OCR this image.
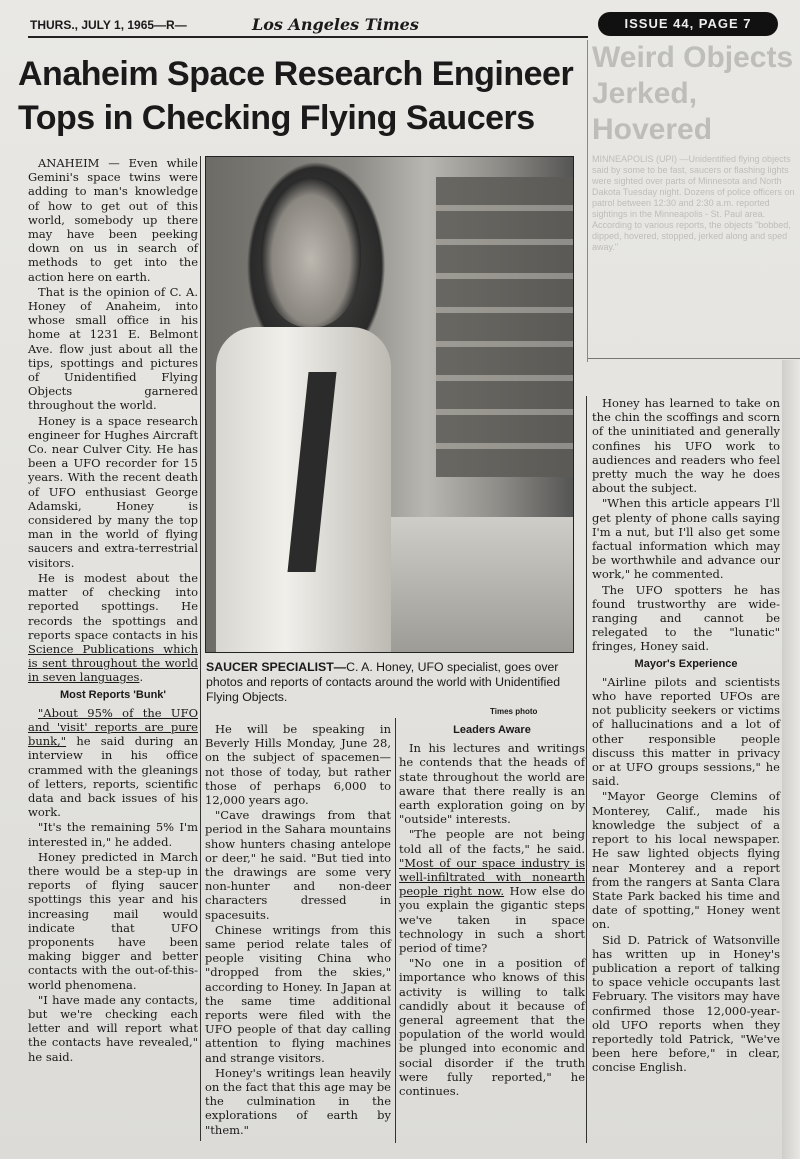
THURS., JULY 1, 1965—R—	Los Angeles Times	ISSUE 44, PAGE 7
Anaheim Space Research Engineer Tops in Checking Flying Saucers
Weird Objects Jerked, Hovered
MINNEAPOLIS (UPI) —Unidentified flying objects said by some to be fast, saucers or flashing lights were sighted over parts of Minnesota and North Dakota Tuesday night. Dozens of police officers on patrol between 12:30 and 2:30 a.m. reported sightings in the Minneapolis - St. Paul area. According to various reports, the objects "bobbed, dipped, hovered, stopped, jerked along and sped away."

ANAHEIM — Even while Gemini's space twins were adding to man's knowledge of how to get out of this world, somebody up there may have been peeking down on us in search of methods to get into the action here on earth.

That is the opinion of C. A. Honey of Anaheim, into whose small office in his home at 1231 E. Belmont Ave. flow just about all the tips, spottings and pictures of Unidentified Flying Objects garnered throughout the world.

Honey is a space research engineer for Hughes Aircraft Co. near Culver City. He has been a UFO recorder for 15 years. With the recent death of UFO enthusiast George Adamski, Honey is considered by many the top man in the world of flying saucers and extra-terrestrial visitors.

He is modest about the matter of checking into reported spottings. He records the spottings and reports space contacts in his Science Publications which is sent throughout the world in seven languages.

Most Reports 'Bunk'

"About 95% of the UFO and 'visit' reports are pure bunk," he said during an interview in his office crammed with the gleanings of letters, reports, scientific data and back issues of his work.

"It's the remaining 5% I'm interested in," he added.

Honey predicted in March there would be a step-up in reports of flying saucer spottings this year and his increasing mail would indicate that UFO proponents have been making bigger and better contacts with the out-of-this-world phenomena.

"I have made any contacts, but we're checking each letter and will report what the contacts have revealed," he said.

SAUCER SPECIALIST—C. A. Honey, UFO specialist, goes over photos and reports of contacts around the world with Unidentified Flying Objects.
Times photo

He will be speaking in Beverly Hills Monday, June 28, on the subject of spacemen—not those of today, but rather those of perhaps 6,000 to 12,000 years ago.

"Cave drawings from that period in the Sahara mountains show hunters chasing antelope or deer," he said. "But tied into the drawings are some very non-hunter and non-deer characters dressed in spacesuits.

Chinese writings from this same period relate tales of people visiting China who "dropped from the skies," according to Honey. In Japan at the same time additional reports were filed with the UFO people of that day calling attention to flying machines and strange visitors.

Honey's writings lean heavily on the fact that this age may be the culmination in the explorations of earth by "them."

Leaders Aware

In his lectures and writings he contends that the heads of state throughout the world are aware that there really is an earth exploration going on by "outside" interests.

"The people are not being told all of the facts," he said. "Most of our space industry is well-infiltrated with nonearth people right now. How else do you explain the gigantic steps we've taken in space technology in such a short period of time?

"No one in a position of importance who knows of this activity is willing to talk candidly about it because of general agreement that the population of the world would be plunged into economic and social disorder if the truth were fully reported," he continues.

Honey has learned to take on the chin the scoffings and scorn of the uninitiated and generally confines his UFO work to audiences and readers who feel pretty much the way he does about the subject.

"When this article appears I'll get plenty of phone calls saying I'm a nut, but I'll also get some factual information which may be worthwhile and advance our work," he commented.

The UFO spotters he has found trustworthy are wide-ranging and cannot be relegated to the "lunatic" fringes, Honey said.

Mayor's Experience

"Airline pilots and scientists who have reported UFOs are not publicity seekers or victims of hallucinations and a lot of other responsible people discuss this matter in privacy or at UFO groups sessions," he said.

"Mayor George Clemins of Monterey, Calif., made his knowledge the subject of a report to his local newspaper. He saw lighted objects flying near Monterey and a report from the rangers at Santa Clara State Park backed his time and date of spotting," Honey went on.

Sid D. Patrick of Watsonville has written up in Honey's publication a report of talking to space vehicle occupants last February. The visitors may have confirmed those 12,000-year-old UFO reports when they reportedly told Patrick, "We've been here before," in clear, concise English.
